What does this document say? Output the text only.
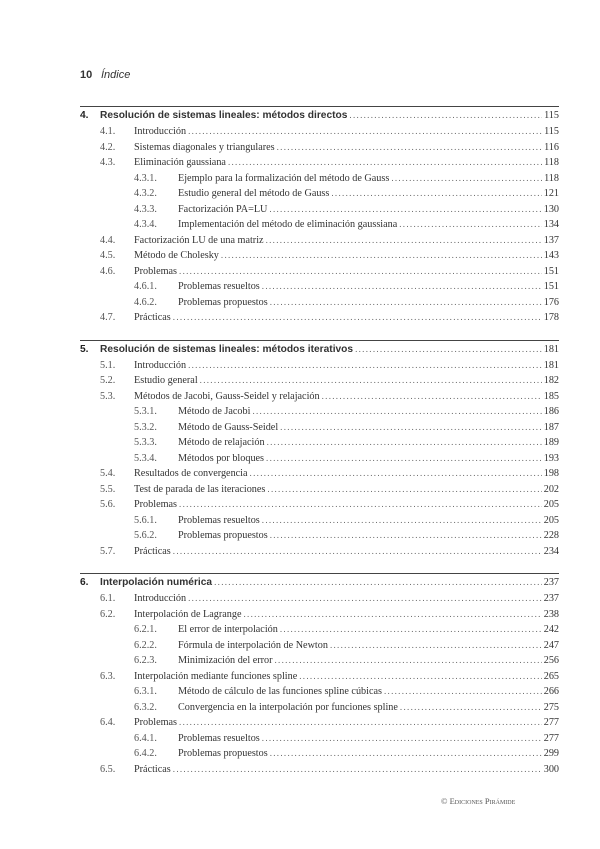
10 Índice
4.	Resolución de sistemas lineales: métodos directos .....	115
4.1.	Introducción .....	115
4.2.	Sistemas diagonales y triangulares .....	116
4.3.	Eliminación gaussiana .....	118
4.3.1.	Ejemplo para la formalización del método de Gauss .....	118
4.3.2.	Estudio general del método de Gauss .....	121
4.3.3.	Factorización PA=LU .....	130
4.3.4.	Implementación del método de eliminación gaussiana .....	134
4.4.	Factorización LU de una matriz .....	137
4.5.	Método de Cholesky .....	143
4.6.	Problemas .....	151
4.6.1.	Problemas resueltos .....	151
4.6.2.	Problemas propuestos .....	176
4.7.	Prácticas .....	178
5.	Resolución de sistemas lineales: métodos iterativos .....	181
5.1.	Introducción .....	181
5.2.	Estudio general .....	182
5.3.	Métodos de Jacobi, Gauss-Seidel y relajación .....	185
5.3.1.	Método de Jacobi .....	186
5.3.2.	Método de Gauss-Seidel .....	187
5.3.3.	Método de relajación .....	189
5.3.4.	Métodos por bloques .....	193
5.4.	Resultados de convergencia .....	198
5.5.	Test de parada de las iteraciones .....	202
5.6.	Problemas .....	205
5.6.1.	Problemas resueltos .....	205
5.6.2.	Problemas propuestos .....	228
5.7.	Prácticas .....	234
6.	Interpolación numérica .....	237
6.1.	Introducción .....	237
6.2.	Interpolación de Lagrange .....	238
6.2.1.	El error de interpolación .....	242
6.2.2.	Fórmula de interpolación de Newton .....	247
6.2.3.	Minimización del error .....	256
6.3.	Interpolación mediante funciones spline .....	265
6.3.1.	Método de cálculo de las funciones spline cúbicas .....	266
6.3.2.	Convergencia en la interpolación por funciones spline .....	275
6.4.	Problemas .....	277
6.4.1.	Problemas resueltos .....	277
6.4.2.	Problemas propuestos .....	299
6.5.	Prácticas .....	300
© Ediciones Pirámide
